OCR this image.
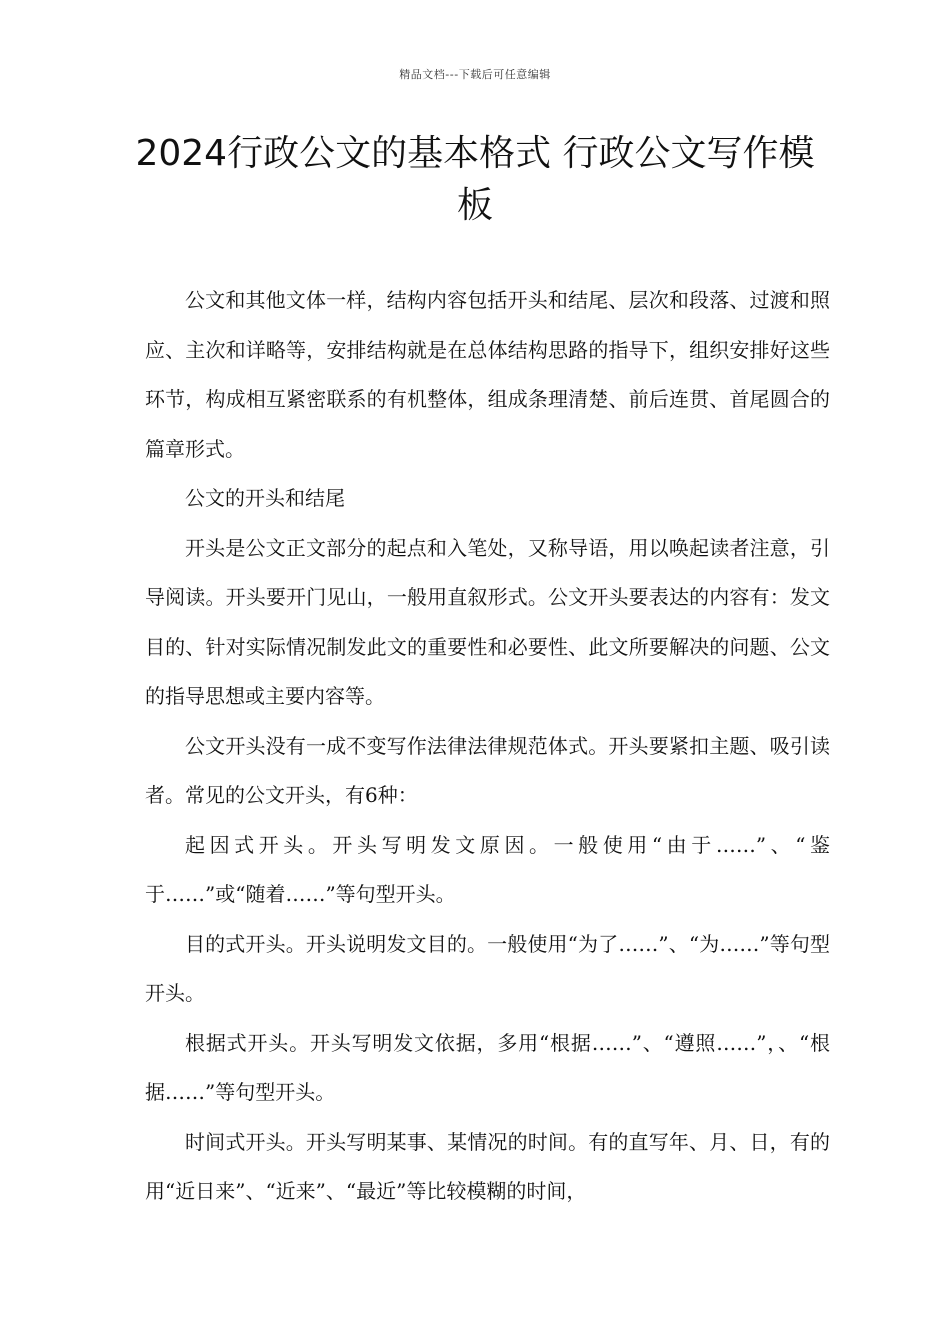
精品文档---下载后可任意编辑
2024行政公文的基本格式 行政公文写作模板

公文和其他文体一样，结构内容包括开头和结尾、层次和段落、过渡和照应、主次和详略等，安排结构就是在总体结构思路的指导下，组织安排好这些环节，构成相互紧密联系的有机整体，组成条理清楚、前后连贯、首尾圆合的篇章形式。

公文的开头和结尾

开头是公文正文部分的起点和入笔处，又称导语，用以唤起读者注意，引导阅读。开头要开门见山，一般用直叙形式。公文开头要表达的内容有：发文目的、针对实际情况制发此文的重要性和必要性、此文所要解决的问题、公文的指导思想或主要内容等。

公文开头没有一成不变写作法律法律规范体式。开头要紧扣主题、吸引读者。常见的公文开头，有6种：

起因式开头。开头写明发文原因。一般使用“由于……”、“鉴于……”或“随着……”等句型开头。

目的式开头。开头说明发文目的。一般使用“为了……”、“为……”等句型开头。

根据式开头。开头写明发文依据，多用“根据……”、“遵照……”，、“根据……”等句型开头。

时间式开头。开头写明某事、某情况的时间。有的直写年、月、日，有的用“近日来”、“近来”、“最近”等比较模糊的时间，
